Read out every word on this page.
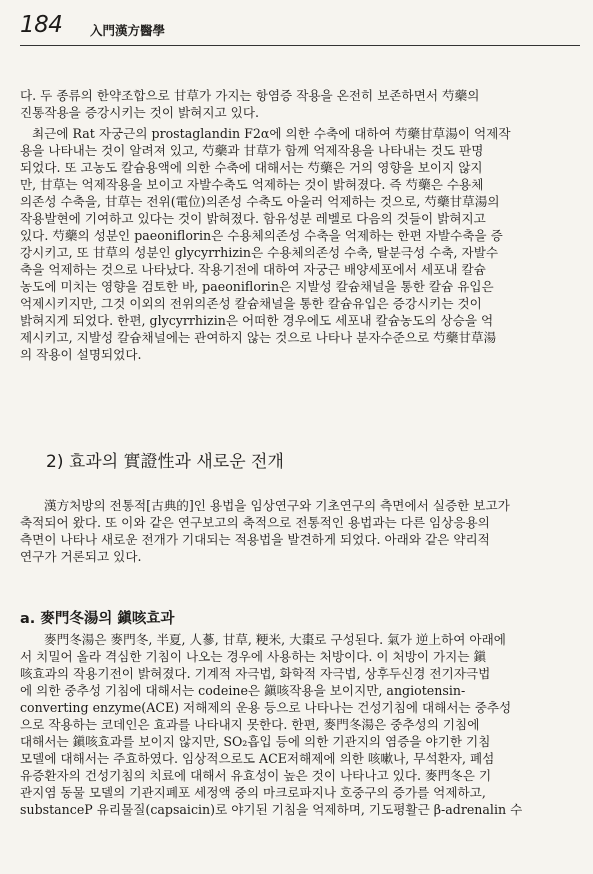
184 入門漢方醫學
다. 두 종류의 한약조합으로 甘草가 가지는 항염증 작용을 온전히 보존하면서 芍藥의
진통작용을 증강시키는 것이 밝혀지고 있다.
최근에 Rat 자궁근의 prostaglandin F2α에 의한 수축에 대하여 芍藥甘草湯이 억제작
용을 나타내는 것이 알려져 있고, 芍藥과 甘草가 함께 억제작용을 나타내는 것도 판명
되었다. 또 고농도 칼슘용액에 의한 수축에 대해서는 芍藥은 거의 영향을 보이지 않지
만, 甘草는 억제작용을 보이고 자발수축도 억제하는 것이 밝혀졌다. 즉 芍藥은 수용체
의존성 수축을, 甘草는 전위(電位)의존성 수축도 아울러 억제하는 것으로, 芍藥甘草湯의
작용발현에 기여하고 있다는 것이 밝혀졌다. 함유성분 레벨로 다음의 것들이 밝혀지고
있다. 芍藥의 성분인 paeoniflorin은 수용체의존성 수축을 억제하는 한편 자발수축을 증
강시키고, 또 甘草의 성분인 glycyrrhizin은 수용체의존성 수축, 탈분극성 수축, 자발수
축을 억제하는 것으로 나타났다. 작용기전에 대하여 자궁근 배양세포에서 세포내 칼슘
농도에 미치는 영향을 검토한 바, paeoniflorin은 지발성 칼슘채널을 통한 칼슘 유입은
억제시키지만, 그것 이외의 전위의존성 칼슘채널을 통한 칼슘유입은 증강시키는 것이
밝혀지게 되었다. 한편, glycyrrhizin은 어떠한 경우에도 세포내 칼슘농도의 상승을 억
제시키고, 지발성 칼슘채널에는 관여하지 않는 것으로 나타나 분자수준으로 芍藥甘草湯
의 작용이 설명되었다.
2) 효과의 實證性과 새로운 전개
漢方처방의 전통적[古典的]인 용법을 임상연구와 기초연구의 측면에서 실증한 보고가
축적되어 왔다. 또 이와 같은 연구보고의 축적으로 전통적인 용법과는 다른 임상응용의
측면이 나타나 새로운 전개가 기대되는 적용법을 발견하게 되었다. 아래와 같은 약리적
연구가 거론되고 있다.
a. 麥門冬湯의 鎭咳효과
麥門冬湯은 麥門冬, 半夏, 人蔘, 甘草, 粳米, 大棗로 구성된다. 氣가 逆上하여 아래에
서 치밀어 올라 격심한 기침이 나오는 경우에 사용하는 처방이다. 이 처방이 가지는 鎭
咳효과의 작용기전이 밝혀졌다. 기계적 자극법, 화학적 자극법, 상후두신경 전기자극법
에 의한 중추성 기침에 대해서는 codeine은 鎭咳작용을 보이지만, angiotensin-
converting enzyme(ACE) 저해제의 운용 등으로 나타나는 건성기침에 대해서는 중추성
으로 작용하는 코데인은 효과를 나타내지 못한다. 한편, 麥門冬湯은 중추성의 기침에
대해서는 鎭咳효과를 보이지 않지만, SO₂흡입 등에 의한 기관지의 염증을 야기한 기침
모델에 대해서는 주효하였다. 임상적으로도 ACE저해제에 의한 咳嗽나, 무석환자, 폐섬
유증환자의 건성기침의 치료에 대해서 유효성이 높은 것이 나타나고 있다. 麥門冬은 기
관지염 동물 모델의 기관지폐포 세정액 중의 마크로파지나 호중구의 증가를 억제하고,
substanceP 유리물질(capsaicin)로 야기된 기침을 억제하며, 기도평활근 β-adrenalin 수
